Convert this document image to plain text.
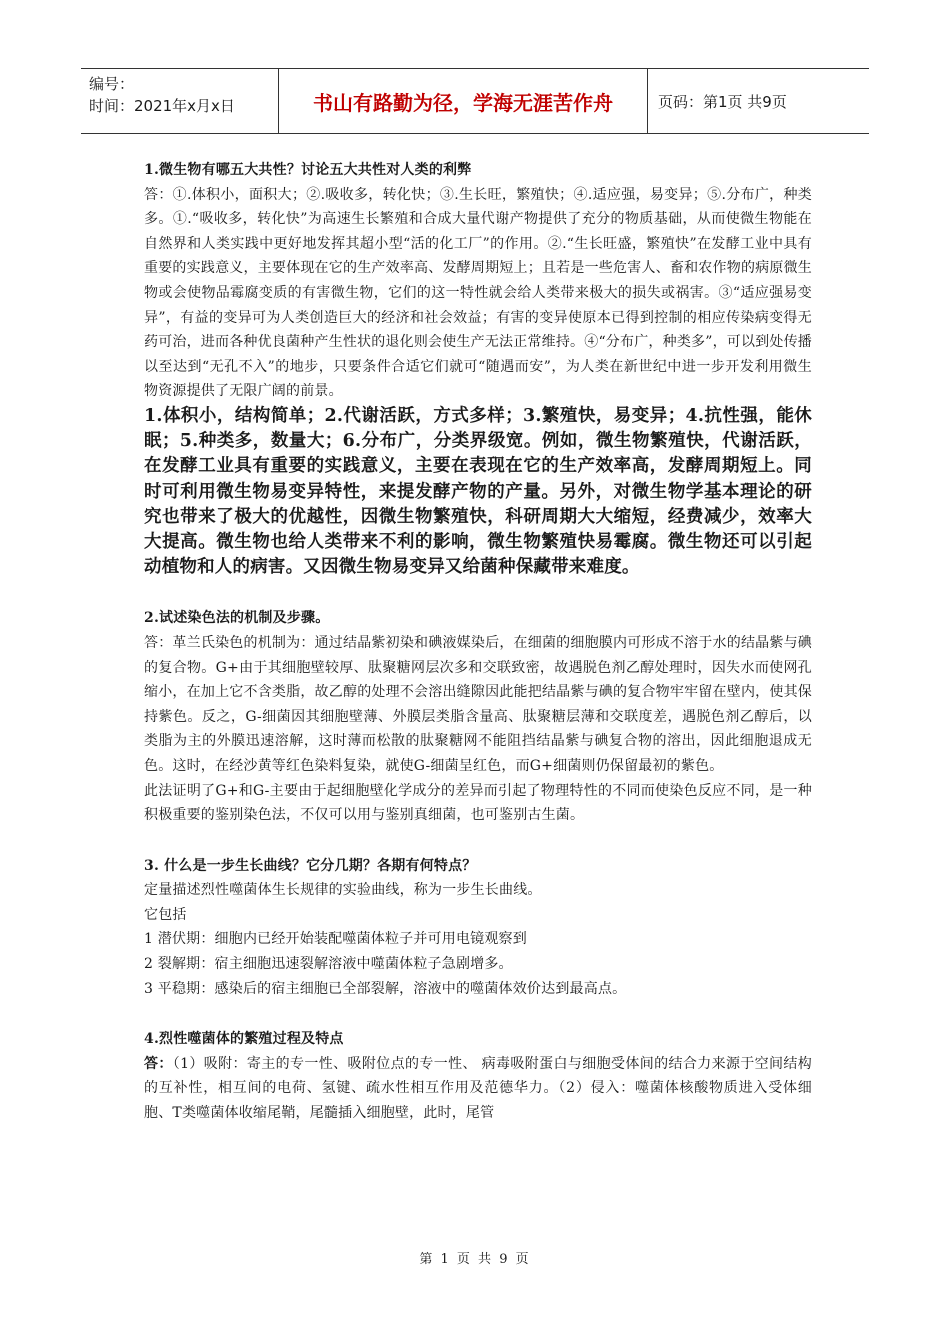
编号：
时间：2021年x月x日	书山有路勤为径，学海无涯苦作舟	页码：第1页 共9页

1.微生物有哪五大共性？讨论五大共性对人类的利弊

答：①.体积小，面积大；②.吸收多，转化快；③.生长旺，繁殖快；④.适应强，易变异；⑤.分布广，种类多。①.“吸收多，转化快”为高速生长繁殖和合成大量代谢产物提供了充分的物质基础，从而使微生物能在自然界和人类实践中更好地发挥其超小型“活的化工厂”的作用。②.“生长旺盛，繁殖快”在发酵工业中具有重要的实践意义，主要体现在它的生产效率高、发酵周期短上；且若是一些危害人、畜和农作物的病原微生物或会使物品霉腐变质的有害微生物，它们的这一特性就会给人类带来极大的损失或祸害。③“适应强易变异”，有益的变异可为人类创造巨大的经济和社会效益；有害的变异使原本已得到控制的相应传染病变得无药可治，进而各种优良菌种产生性状的退化则会使生产无法正常维持。④“分布广，种类多”，可以到处传播以至达到“无孔不入”的地步，只要条件合适它们就可“随遇而安”，为人类在新世纪中进一步开发利用微生物资源提供了无限广阔的前景。

1.体积小，结构简单；2.代谢活跃，方式多样；3.繁殖快，易变异；4.抗性强，能休眠；5.种类多，数量大；6.分布广，分类界级宽。例如，微生物繁殖快，代谢活跃，在发酵工业具有重要的实践意义，主要在表现在它的生产效率高，发酵周期短上。同时可利用微生物易变异特性，来提发酵产物的产量。另外，对微生物学基本理论的研究也带来了极大的优越性，因微生物繁殖快，科研周期大大缩短，经费减少，效率大大提高。微生物也给人类带来不利的影响，微生物繁殖快易霉腐。微生物还可以引起动植物和人的病害。又因微生物易变异又给菌种保藏带来难度。

2.试述染色法的机制及步骤。

答：革兰氏染色的机制为：通过结晶紫初染和碘液媒染后，在细菌的细胞膜内可形成不溶于水的结晶紫与碘的复合物。G+由于其细胞壁较厚、肽聚糖网层次多和交联致密，故遇脱色剂乙醇处理时，因失水而使网孔缩小，在加上它不含类脂，故乙醇的处理不会溶出缝隙因此能把结晶紫与碘的复合物牢牢留在壁内，使其保持紫色。反之，G-细菌因其细胞壁薄、外膜层类脂含量高、肽聚糖层薄和交联度差，遇脱色剂乙醇后，以类脂为主的外膜迅速溶解，这时薄而松散的肽聚糖网不能阻挡结晶紫与碘复合物的溶出，因此细胞退成无色。这时，在经沙黄等红色染料复染，就使G-细菌呈红色，而G+细菌则仍保留最初的紫色。

此法证明了G+和G-主要由于起细胞壁化学成分的差异而引起了物理特性的不同而使染色反应不同，是一种积极重要的鉴别染色法，不仅可以用与鉴别真细菌，也可鉴别古生菌。

3. 什么是一步生长曲线？它分几期？各期有何特点？

定量描述烈性噬菌体生长规律的实验曲线，称为一步生长曲线。

它包括

1 潜伏期：细胞内已经开始装配噬菌体粒子并可用电镜观察到

2 裂解期：宿主细胞迅速裂解溶液中噬菌体粒子急剧增多。

3 平稳期：感染后的宿主细胞已全部裂解，溶液中的噬菌体效价达到最高点。

4.烈性噬菌体的繁殖过程及特点

答：（1）吸附：寄主的专一性、吸附位点的专一性、 病毒吸附蛋白与细胞受体间的结合力来源于空间结构的互补性，相互间的电荷、氢键、疏水性相互作用及范德华力。（2）侵入：噬菌体核酸物质进入受体细胞、T类噬菌体收缩尾鞘，尾髓插入细胞壁，此时，尾管

第 1 页 共 9 页
